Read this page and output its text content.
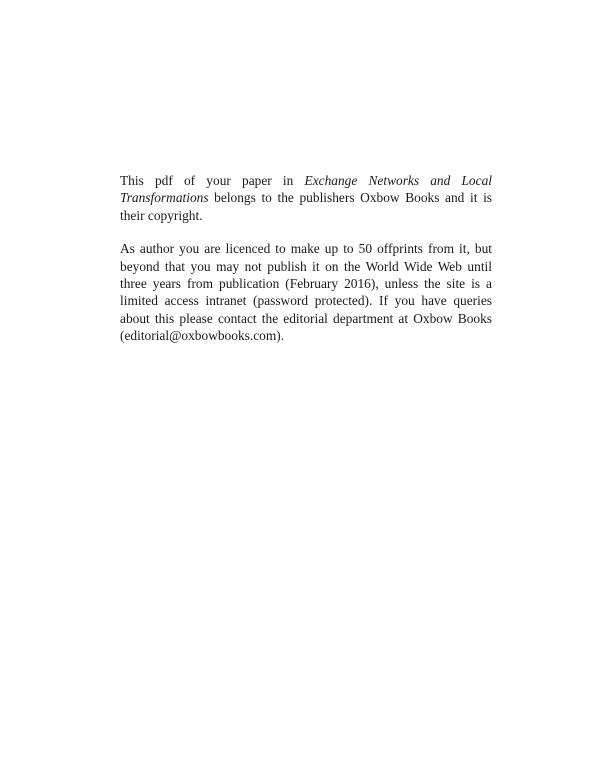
This pdf of your paper in Exchange Networks and Local Transformations belongs to the publishers Oxbow Books and it is their copyright.

As author you are licenced to make up to 50 offprints from it, but beyond that you may not publish it on the World Wide Web until three years from publication (February 2016), unless the site is a limited access intranet (password protected). If you have queries about this please contact the editorial department at Oxbow Books (editorial@oxbowbooks.com).
